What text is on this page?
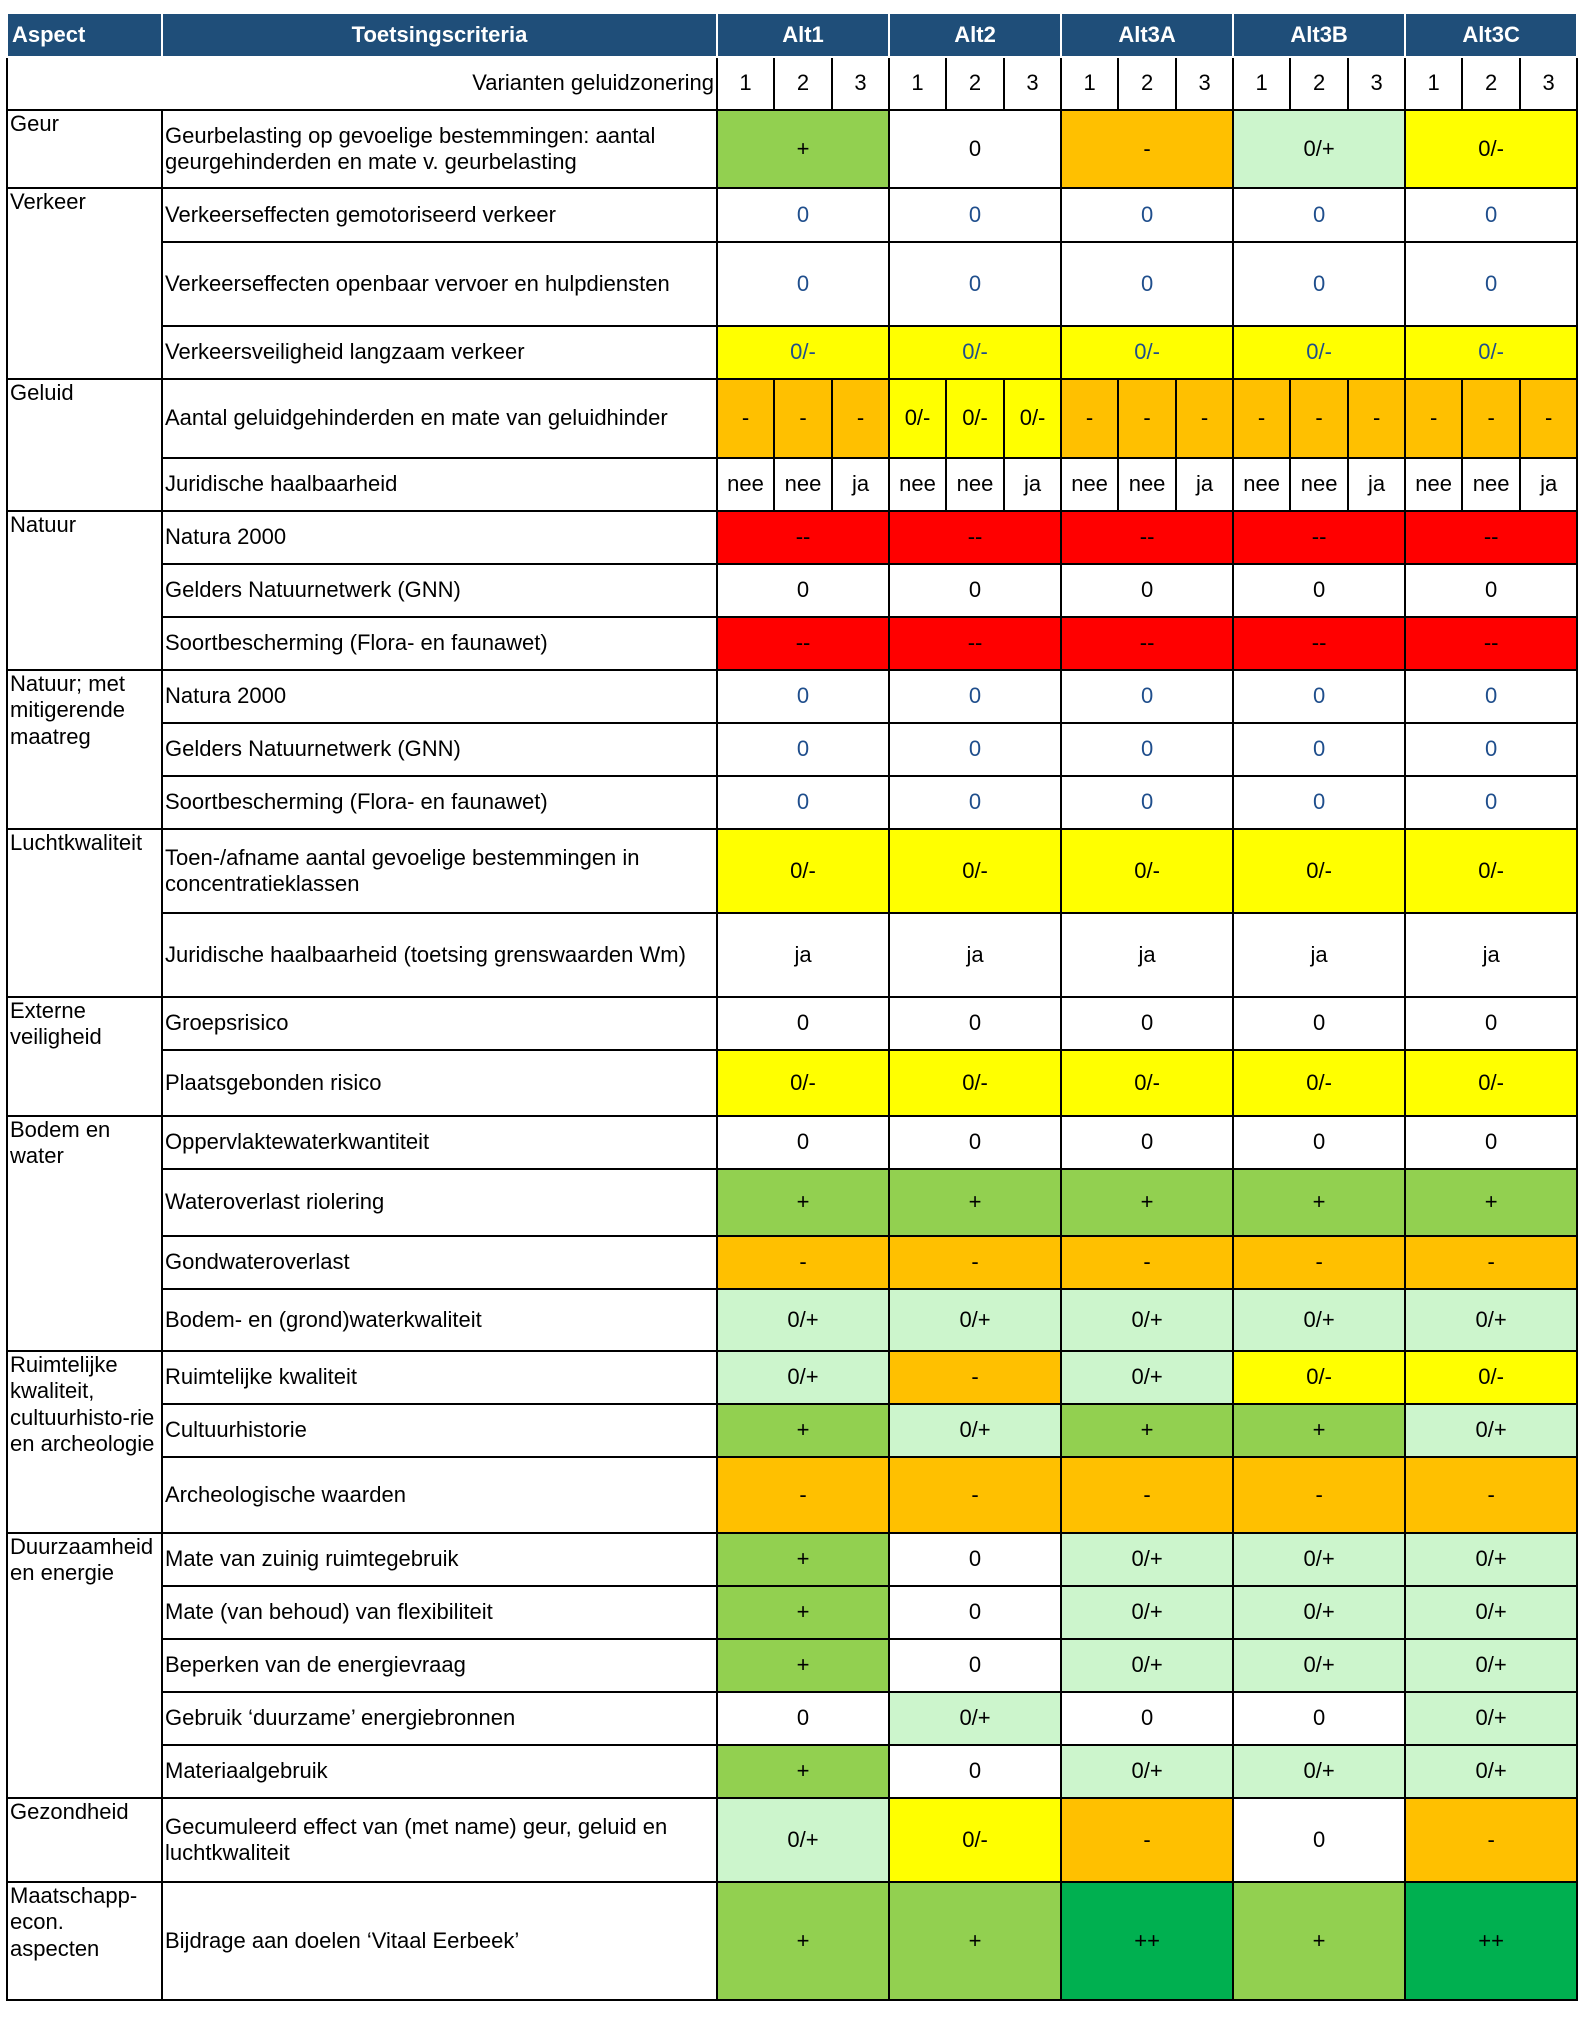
Aspect	Toetsingscriteria	Alt1			Alt2			Alt3A			Alt3B			Alt3C		
Varianten geluidzonering		1	2	3	1	2	3	1	2	3	1	2	3	1	2	3
Geur	Geurbelasting op gevoelige bestemmingen: aantal geurgehinderden en mate v. geurbelasting	+			0			-			0/+			0/-		
Verkeer	Verkeerseffecten gemotoriseerd verkeer	0			0			0			0			0		
	Verkeerseffecten openbaar vervoer en hulpdiensten	0			0			0			0			0		
	Verkeersveiligheid langzaam verkeer	0/-			0/-			0/-			0/-			0/-		
Geluid	Aantal geluidgehinderden en mate van geluidhinder	-	-	-	0/-	0/-	0/-	-	-	-	-	-	-	-	-	-
	Juridische haalbaarheid	nee	nee	ja	nee	nee	ja	nee	nee	ja	nee	nee	ja	nee	nee	ja
Natuur	Natura 2000	--			--			--			--			--		
	Gelders Natuurnetwerk (GNN)	0			0			0			0			0		
	Soortbescherming (Flora- en faunawet)	--			--			--			--			--		
Natuur; met mitigerende maatreg	Natura 2000	0			0			0			0			0		
	Gelders Natuurnetwerk (GNN)	0			0			0			0			0		
	Soortbescherming (Flora- en faunawet)	0			0			0			0			0		
Luchtkwaliteit	Toen-/afname aantal gevoelige bestemmingen in concentratieklassen	0/-			0/-			0/-			0/-			0/-		
	Juridische haalbaarheid (toetsing grenswaarden Wm)	ja			ja			ja			ja			ja		
Externe veiligheid	Groepsrisico	0			0			0			0			0		
	Plaatsgebonden risico	0/-			0/-			0/-			0/-			0/-		
Bodem en water	Oppervlaktewaterkwantiteit	0			0			0			0			0		
	Wateroverlast riolering	+			+			+			+			+		
	Gondwateroverlast	-			-			-			-			-		
	Bodem- en (grond)waterkwaliteit	0/+			0/+			0/+			0/+			0/+		
Ruimtelijke kwaliteit, cultuurhisto-rie en archeologie	Ruimtelijke kwaliteit	0/+			-			0/+			0/-			0/-		
	Cultuurhistorie	+			0/+			+			+			0/+		
	Archeologische waarden	-			-			-			-			-		
Duurzaamheid en energie	Mate van zuinig ruimtegebruik	+			0			0/+			0/+			0/+		
	Mate (van behoud) van flexibiliteit	+			0			0/+			0/+			0/+		
	Beperken van de energievraag	+			0			0/+			0/+			0/+		
	Gebruik ‘duurzame’ energiebronnen	0			0/+			0			0			0/+		
	Materiaalgebruik	+			0			0/+			0/+			0/+		
Gezondheid	Gecumuleerd effect van (met name) geur, geluid en luchtkwaliteit	0/+			0/-			-			0			-		
Maatschapp-econ. aspecten	Bijdrage aan doelen ‘Vitaal Eerbeek’	+			+			++			+			++		
